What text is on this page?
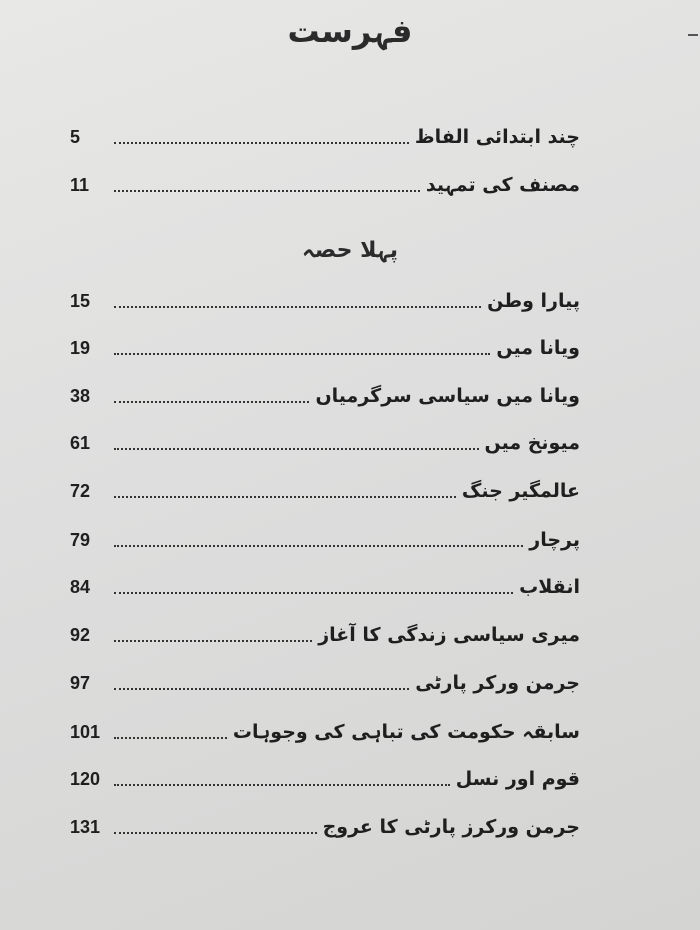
فہرست
چند ابتدائی الفاظ
5
مصنف کی تمہید
11
پہلا حصہ
پیارا وطن
15
ویانا میں
19
ویانا میں سیاسی سرگرمیاں
38
میونخ میں
61
عالمگیر جنگ
72
پرچار
79
انقلاب
84
میری سیاسی زندگی کا آغاز
92
جرمن ورکر پارٹی
97
سابقہ حکومت کی تباہی کی وجوہات
101
قوم اور نسل
120
جرمن ورکرز پارٹی کا عروج
131
